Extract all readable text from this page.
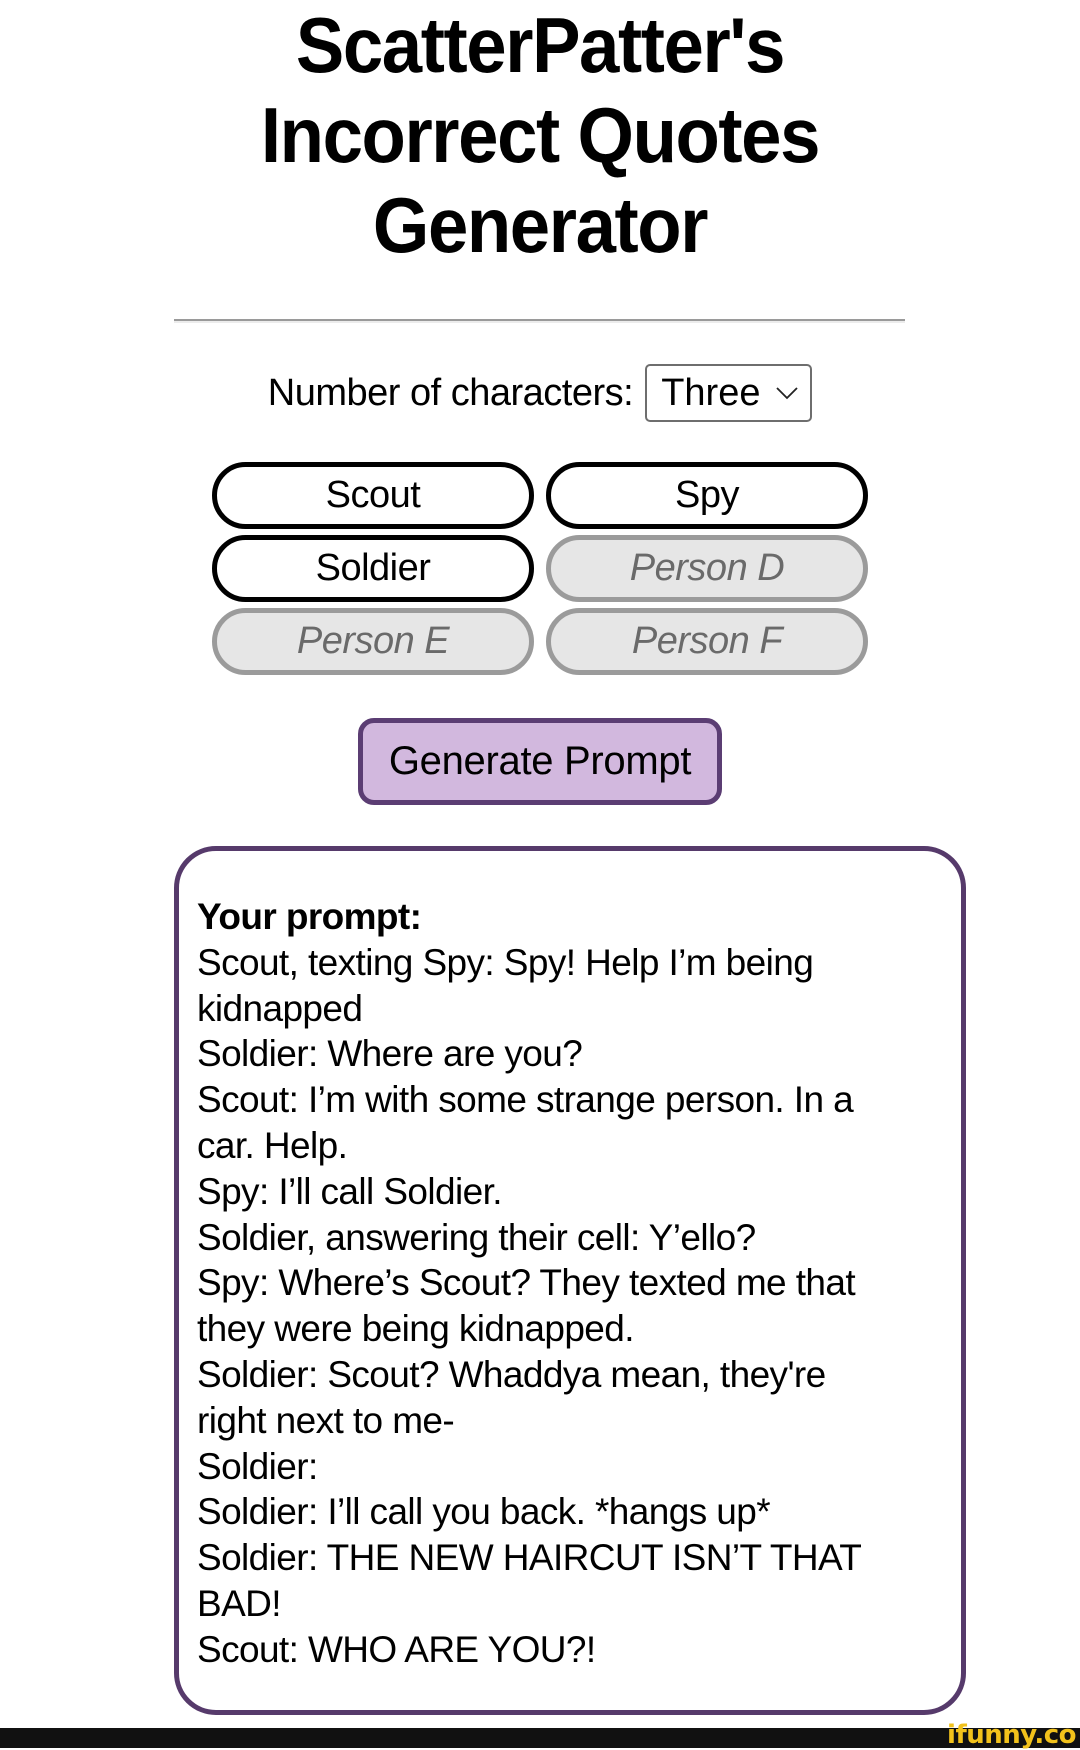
ScatterPatter's
Incorrect Quotes
Generator
Number of characters: Three
Scout	Spy
Soldier	Person D
Person E	Person F
Generate Prompt
Your prompt:
Scout, texting Spy: Spy! Help I’m being
kidnapped
Soldier: Where are you?
Scout: I’m with some strange person. In a
car. Help.
Spy: I’ll call Soldier.
Soldier, answering their cell: Y’ello?
Spy: Where’s Scout? They texted me that
they were being kidnapped.
Soldier: Scout? Whaddya mean, they're
right next to me-
Soldier:
Soldier: I’ll call you back. *hangs up*
Soldier: THE NEW HAIRCUT ISN’T THAT
BAD!
Scout: WHO ARE YOU?!
ifunny.co
